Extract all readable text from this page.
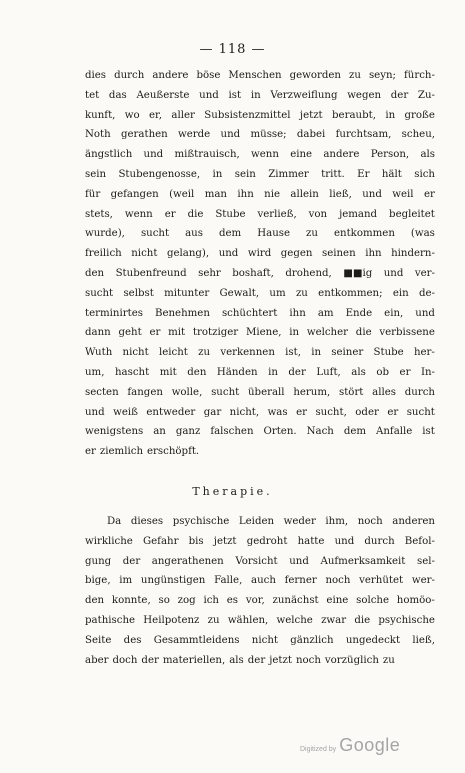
— 118 —
dies durch andere böse Menschen geworden zu seyn; fürch-
tet das Aeußerste und ist in Verzweiflung wegen der Zu-
kunft, wo er, aller Subsistenzmittel jetzt beraubt, in große
Noth gerathen werde und müsse; dabei furchtsam, scheu,
ängstlich und mißtrauisch, wenn eine andere Person, als
sein Stubengenosse, in sein Zimmer tritt. Er hält sich
für gefangen (weil man ihn nie allein ließ, und weil er
stets, wenn er die Stube verließ, von jemand begleitet
wurde), sucht aus dem Hause zu entkommen (was
freilich nicht gelang), und wird gegen seinen ihn hindern-
den Stubenfreund sehr boshaft, drohend, ■■ig und ver-
sucht selbst mitunter Gewalt, um zu entkommen; ein de-
terminirtes Benehmen schüchtert ihn am Ende ein, und
dann geht er mit trotziger Miene, in welcher die verbissene
Wuth nicht leicht zu verkennen ist, in seiner Stube her-
um, hascht mit den Händen in der Luft, als ob er In-
secten fangen wolle, sucht überall herum, stört alles durch
und weiß entweder gar nicht, was er sucht, oder er sucht
wenigstens an ganz falschen Orten. Nach dem Anfalle ist
er ziemlich erschöpft.
Therapie.
Da dieses psychische Leiden weder ihm, noch anderen
wirkliche Gefahr bis jetzt gedroht hatte und durch Befol-
gung der angerathenen Vorsicht und Aufmerksamkeit sel-
bige, im ungünstigen Falle, auch ferner noch verhütet wer-
den konnte, so zog ich es vor, zunächst eine solche homöo-
pathische Heilpotenz zu wählen, welche zwar die psychische
Seite des Gesammtleidens nicht gänzlich ungedeckt ließ,
aber doch der materiellen, als der jetzt noch vorzüglich zu
Digitized by Google
